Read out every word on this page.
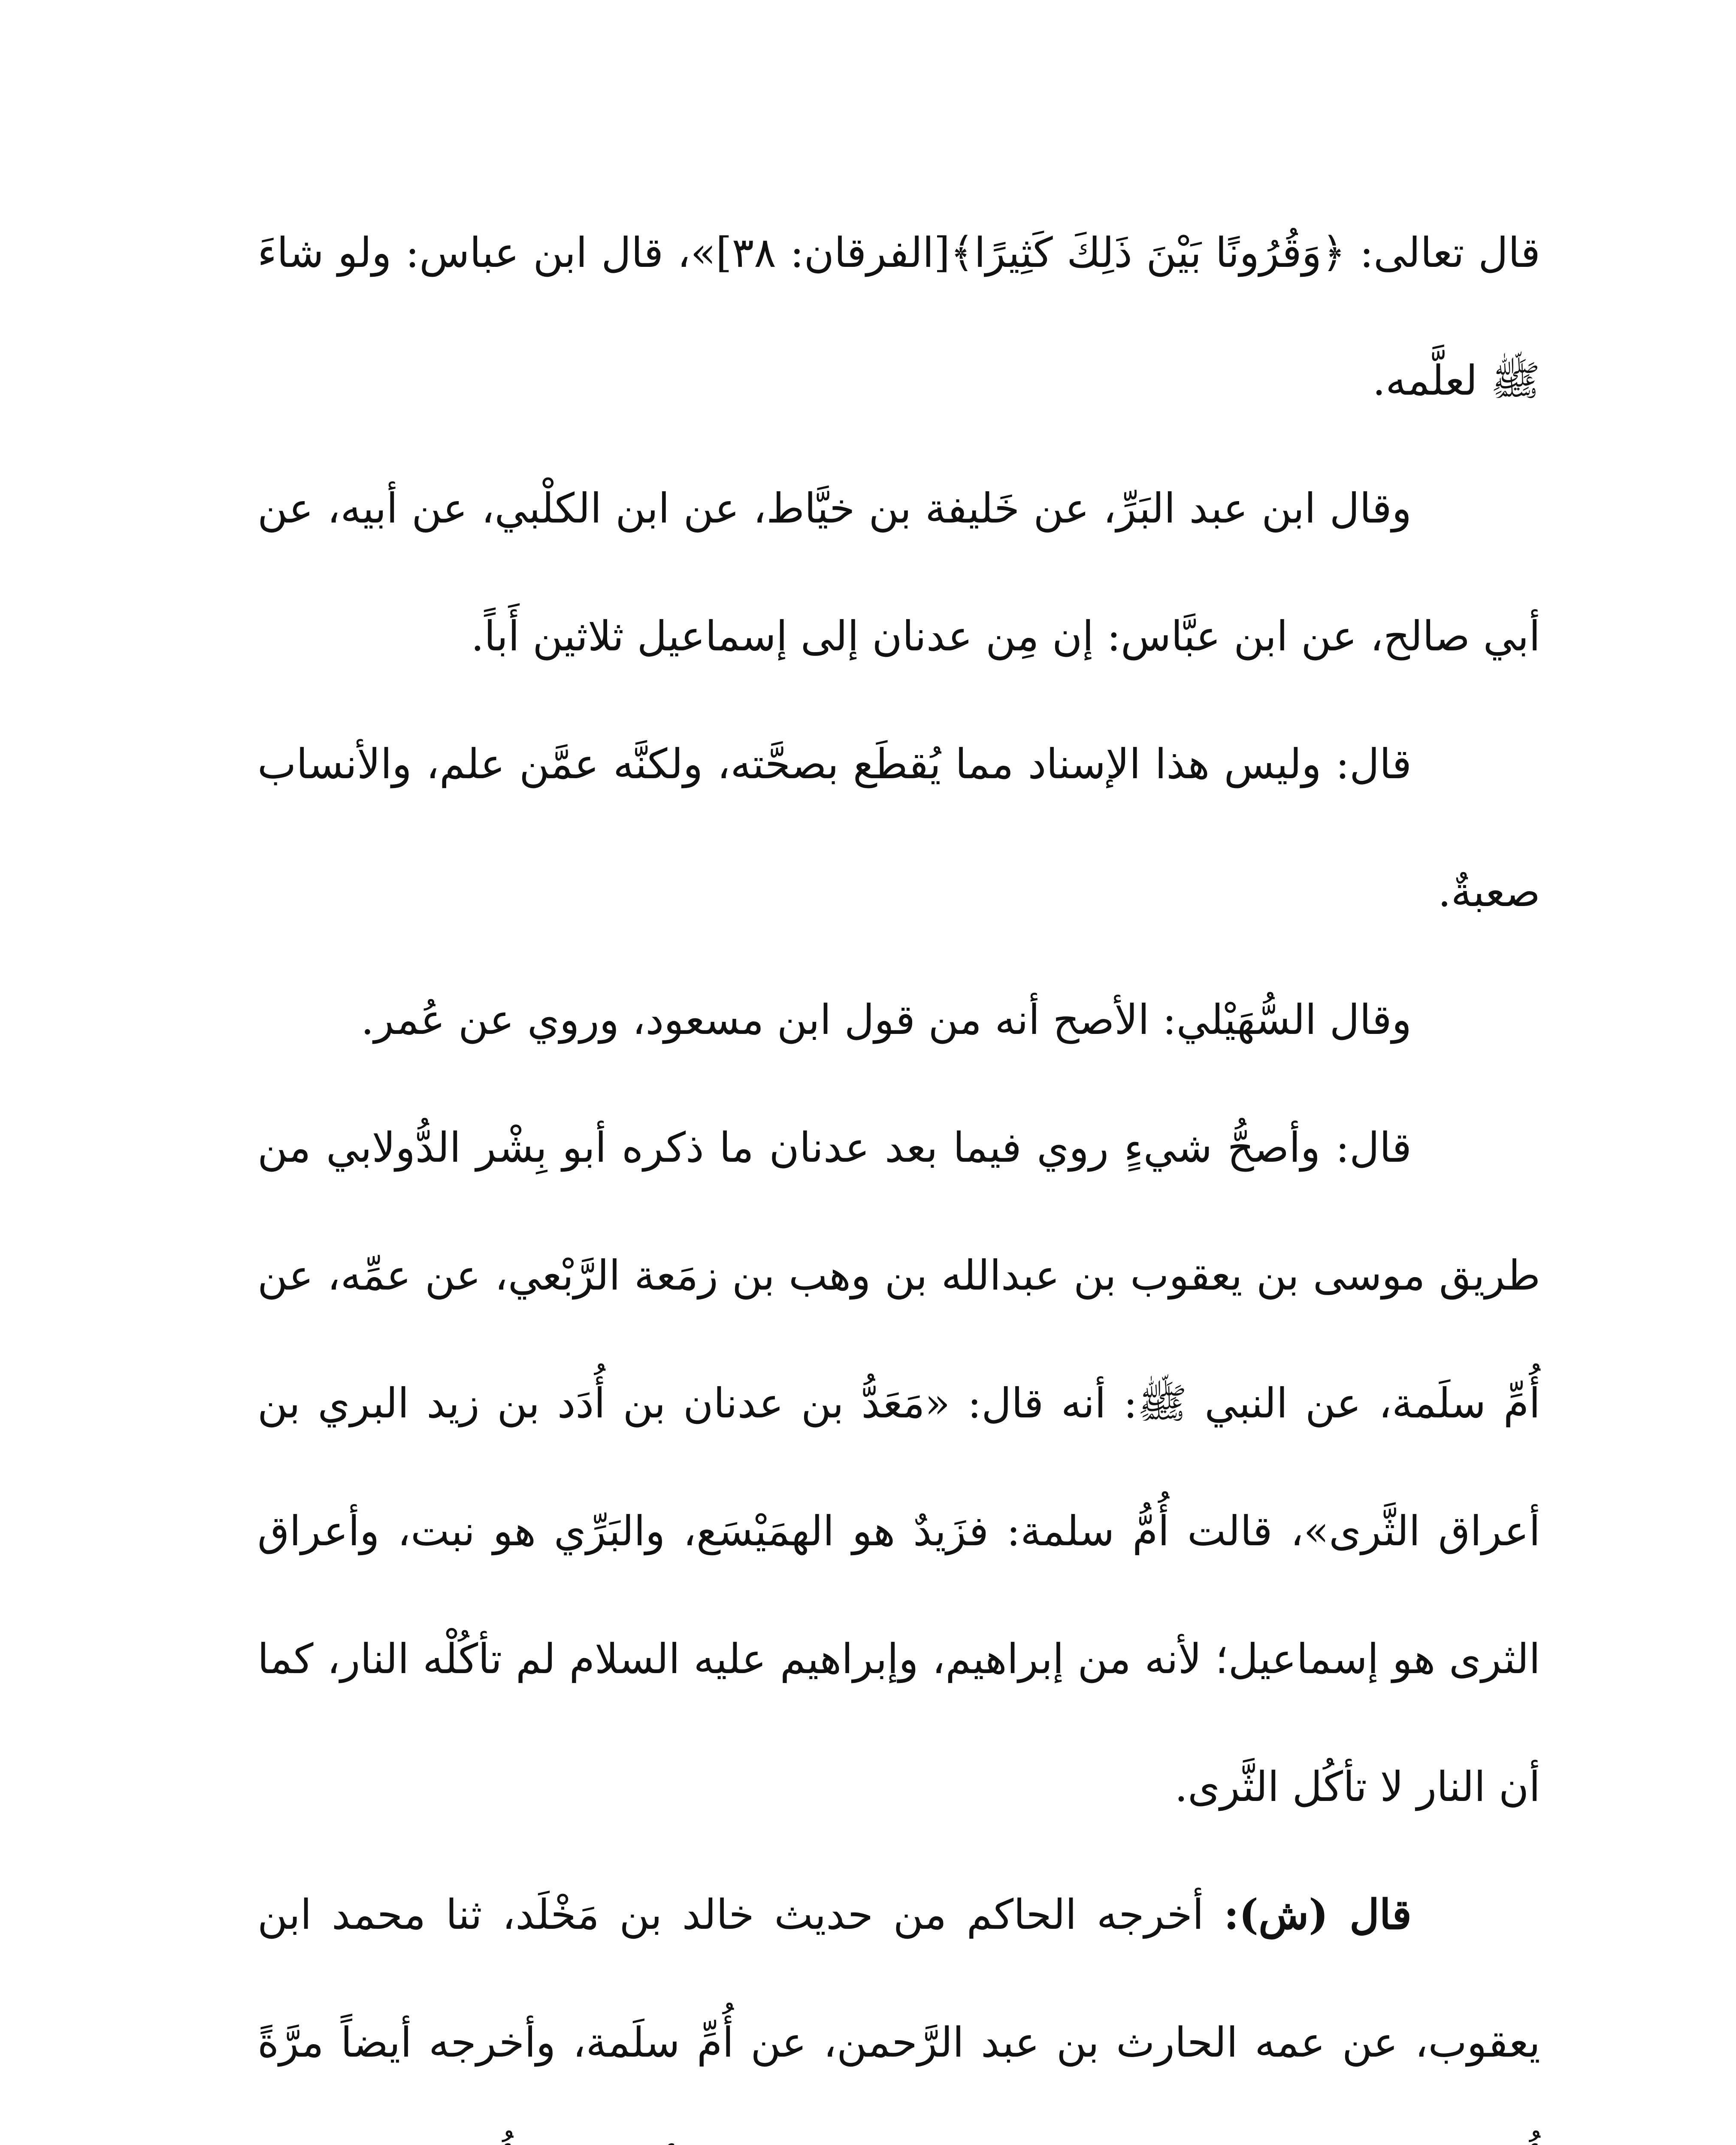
قال تعالى: ﴿وَقُرُونًا بَيْنَ ذَلِكَ كَثِيرًا﴾[الفرقان: ٣٨]»، قال ابن عباس: ولو شاءَ ﷺ لعلَّمه.

وقال ابن عبد البَرِّ، عن خَليفة بن خيَّاط، عن ابن الكلْبي، عن أبيه، عن أبي صالح، عن ابن عبَّاس: إن مِن عدنان إلى إسماعيل ثلاثين أَباً.

قال: وليس هذا الإسناد مما يُقطَع بصحَّته، ولكنَّه عمَّن علم، والأنساب صعبةٌ.

وقال السُّهَيْلي: الأصح أنه من قول ابن مسعود، وروي عن عُمر.

قال: وأصحُّ شيءٍ روي فيما بعد عدنان ما ذكره أبو بِشْر الدُّولابي من طريق موسى بن يعقوب بن عبدالله بن وهب بن زمَعة الرَّبْعي، عن عمِّه، عن أُمِّ سلَمة، عن النبي ﷺ: أنه قال: «مَعَدُّ بن عدنان بن أُدَد بن زيد البري بن أعراق الثَّرى»، قالت أُمُّ سلمة: فزَيدٌ هو الهمَيْسَع، والبَرِّي هو نبت، وأعراق الثرى هو إسماعيل؛ لأنه من إبراهيم، وإبراهيم عليه السلام لم تأكُلْه النار، كما أن النار لا تأكُل الثَّرى.

قال (ش): أخرجه الحاكم من حديث خالد بن مَخْلَد، ثنا محمد ابن يعقوب، عن عمه الحارث بن عبد الرَّحمن، عن أُمِّ سلَمة، وأخرجه أيضاً مرَّةً
